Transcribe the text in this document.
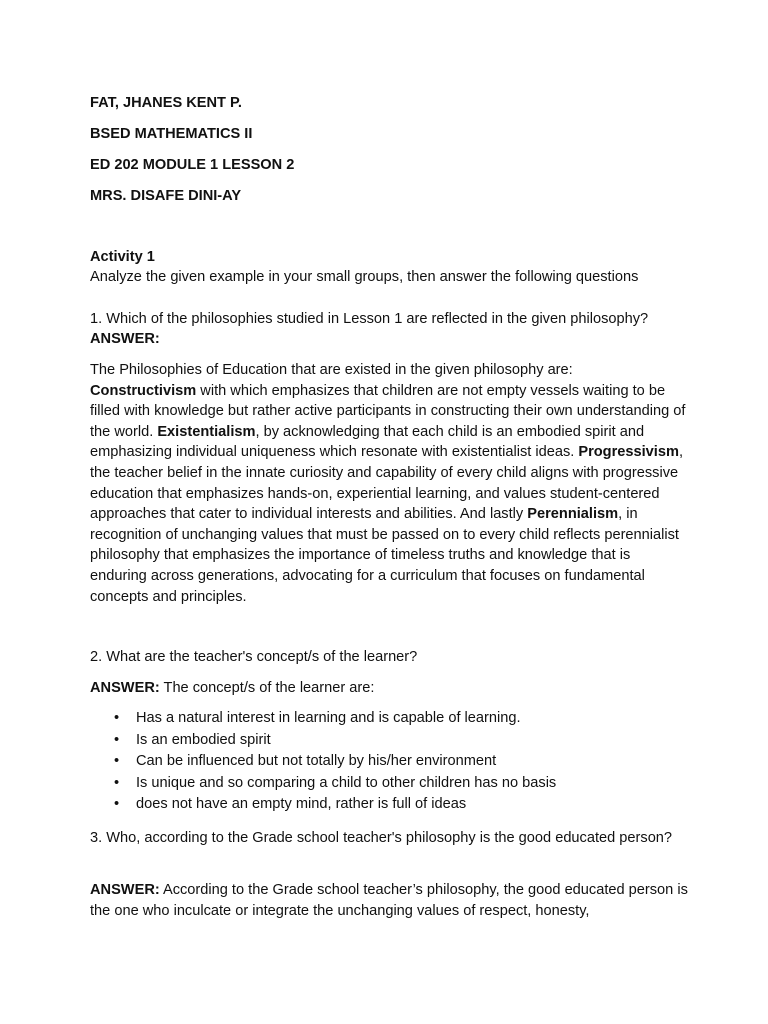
FAT, JHANES KENT P.

BSED MATHEMATICS II

ED 202 MODULE 1 LESSON 2

MRS. DISAFE DINI-AY

Activity 1

Analyze the given example in your small groups, then answer the following questions

1. Which of the philosophies studied in Lesson 1 are reflected in the given philosophy?

ANSWER:

The Philosophies of Education that are existed in the given philosophy are:
Constructivism with which emphasizes that children are not empty vessels waiting to be filled with knowledge but rather active participants in constructing their own understanding of the world. Existentialism, by acknowledging that each child is an embodied spirit and emphasizing individual uniqueness which resonate with existentialist ideas. Progressivism, the teacher belief in the innate curiosity and capability of every child aligns with progressive education that emphasizes hands-on, experiential learning, and values student-centered approaches that cater to individual interests and abilities. And lastly Perennialism, in recognition of unchanging values that must be passed on to every child reflects perennialist philosophy that emphasizes the importance of timeless truths and knowledge that is enduring across generations, advocating for a curriculum that focuses on fundamental concepts and principles.

2. What are the teacher's concept/s of the learner?

ANSWER: The concept/s of the learner are:

• Has a natural interest in learning and is capable of learning.
• Is an embodied spirit
• Can be influenced but not totally by his/her environment
• Is unique and so comparing a child to other children has no basis
• does not have an empty mind, rather is full of ideas

3. Who, according to the Grade school teacher's philosophy is the good educated person?

ANSWER: According to the Grade school teacher’s philosophy, the good educated person is the one who inculcate or integrate the unchanging values of respect, honesty,
